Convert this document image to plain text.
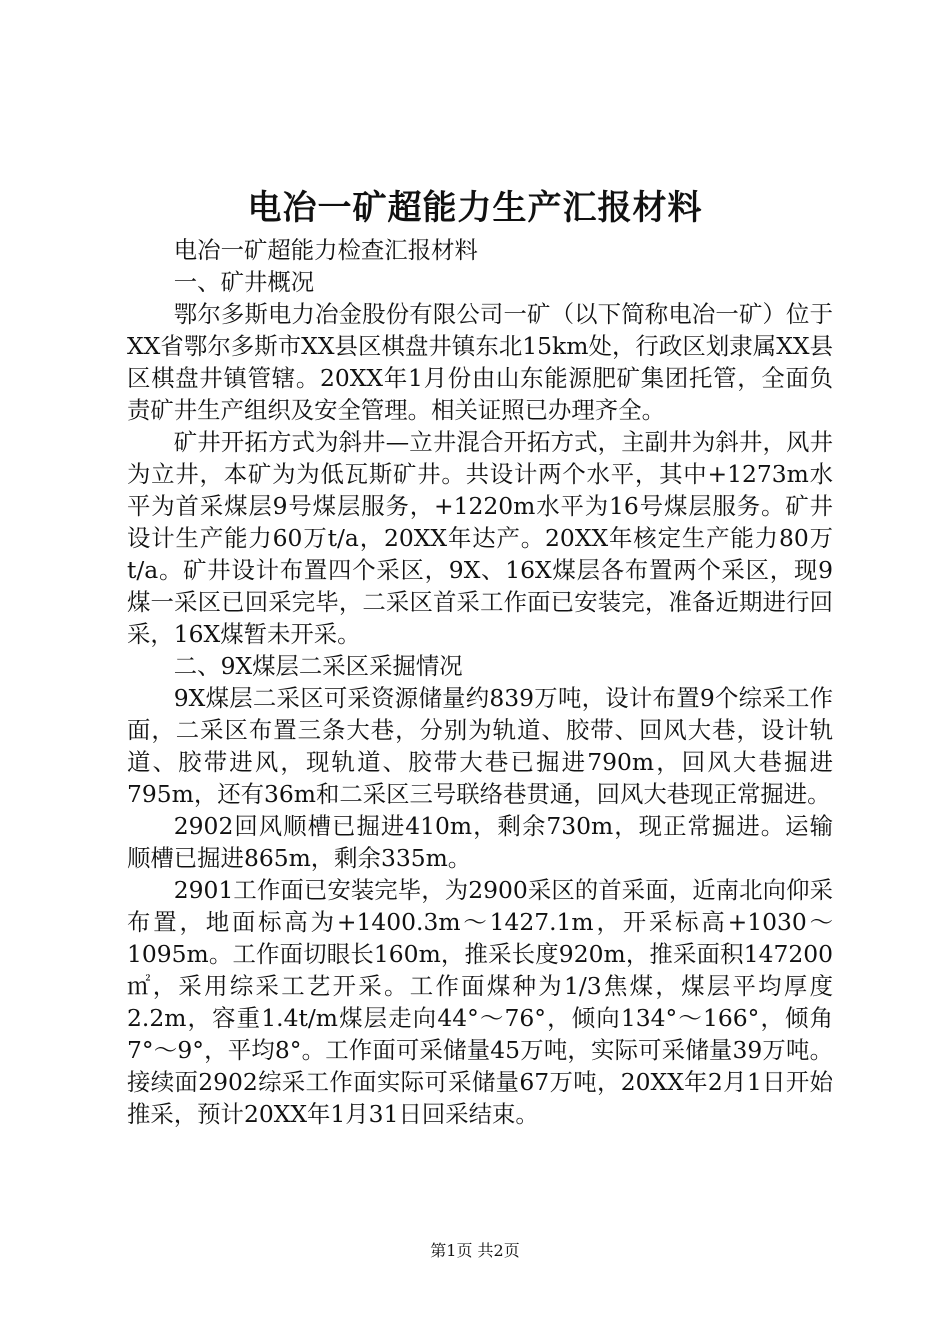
电冶一矿超能力生产汇报材料

电冶一矿超能力检查汇报材料

一、矿井概况

鄂尔多斯电力冶金股份有限公司一矿（以下简称电冶一矿）位于XX省鄂尔多斯市XX县区棋盘井镇东北15km处，行政区划隶属XX县区棋盘井镇管辖。20XX年1月份由山东能源肥矿集团托管，全面负责矿井生产组织及安全管理。相关证照已办理齐全。

矿井开拓方式为斜井—立井混合开拓方式，主副井为斜井，风井为立井，本矿为为低瓦斯矿井。共设计两个水平，其中+1273m水平为首采煤层9号煤层服务，+1220m水平为16号煤层服务。矿井设计生产能力60万t/a，20XX年达产。20XX年核定生产能力80万t/a。矿井设计布置四个采区，9X、16X煤层各布置两个采区，现9煤一采区已回采完毕，二采区首采工作面已安装完，准备近期进行回采，16X煤暂未开采。

二、9X煤层二采区采掘情况

9X煤层二采区可采资源储量约839万吨，设计布置9个综采工作面，二采区布置三条大巷，分别为轨道、胶带、回风大巷，设计轨道、胶带进风，现轨道、胶带大巷已掘进790m，回风大巷掘进795m，还有36m和二采区三号联络巷贯通，回风大巷现正常掘进。

2902回风顺槽已掘进410m，剩余730m，现正常掘进。运输顺槽已掘进865m，剩余335m。

2901工作面已安装完毕，为2900采区的首采面，近南北向仰采布置，地面标高为+1400.3m～1427.1m，开采标高+1030～1095m。工作面切眼长160m，推采长度920m，推采面积147200㎡，采用综采工艺开采。工作面煤种为1/3焦煤，煤层平均厚度2.2m，容重1.4t/m煤层走向44°～76°，倾向134°～166°，倾角7°～9°，平均8°。工作面可采储量45万吨，实际可采储量39万吨。接续面2902综采工作面实际可采储量67万吨，20XX年2月1日开始推采，预计20XX年1月31日回采结束。

第1页 共2页
